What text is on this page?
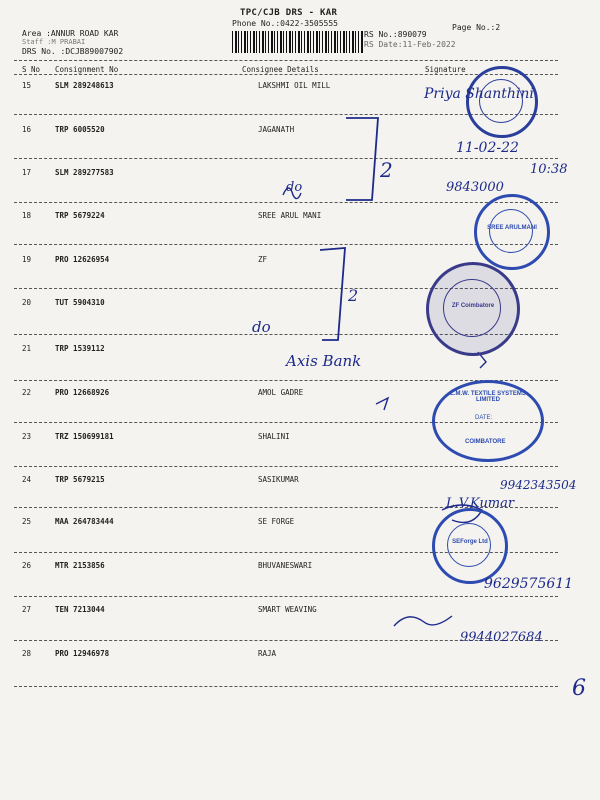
TPC/CJB DRS - KAR
Phone No.:0422-3505555	Page No.:2
RS No.:890079
RS Date:11-Feb-2022
Area :ANNUR ROAD KAR
Staff :M PRABAI
DRS No. :DCJB89007902
S No Consignment No	Consignee Details	Signature
15	SLM 289248613	LAKSHMI OIL MILL
16	TRP 6005520	JAGANATH
17	SLM 289277583
18	TRP 5679224	SREE ARUL MANI
19	PRO 12626954	ZF
20	TUT 5904310
21	TRP 1539112
22	PRO 12668926	AMOL GADRE
23	TRZ 150699181	SHALINI
24	TRP 5679215	SASIKUMAR
25	MAA 264783444	SE FORGE
26	MTR 2153856	BHUVANESWARI
27	TEN 7213044	SMART WEAVING
28	PRO 12946978	RAJA
SREE ARULMANI
ZF Coimbatore
L.M.W. TEXTILE SYSTEMS LIMITED
DATE:
COIMBATORE
SEForge Ltd
Priya Shanthini
11-02-22
10:38
9843000
2
do
2
do
Axis Bank
9942343504
L.V.Kumar
9629575611
9944027684
6
